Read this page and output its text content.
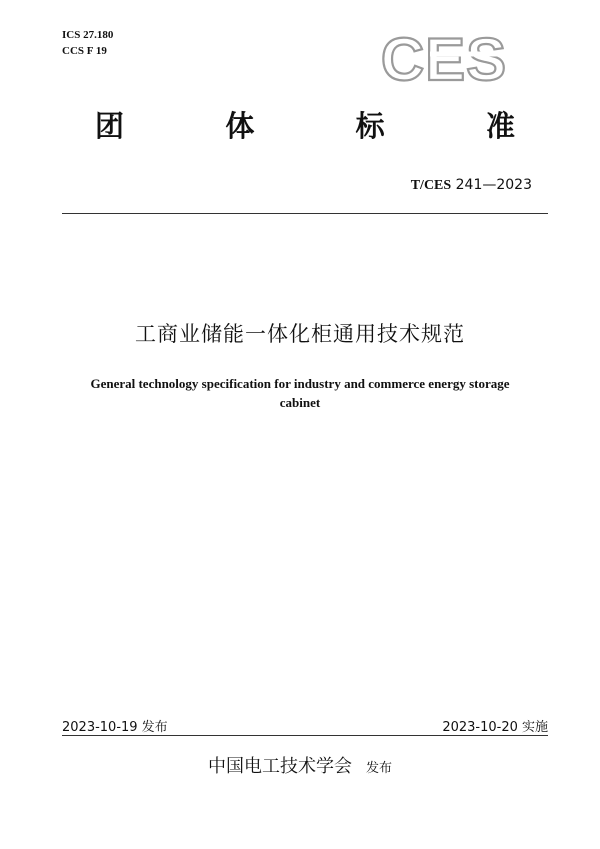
ICS 27.180
CCS F 19	CES
团	体	标	准
T/CES 241—2023
工商业储能一体化柜通用技术规范
General technology specification for industry and commerce energy storage
cabinet
2023-10-19 发布	2023-10-20 实施
中国电工技术学会 发布
